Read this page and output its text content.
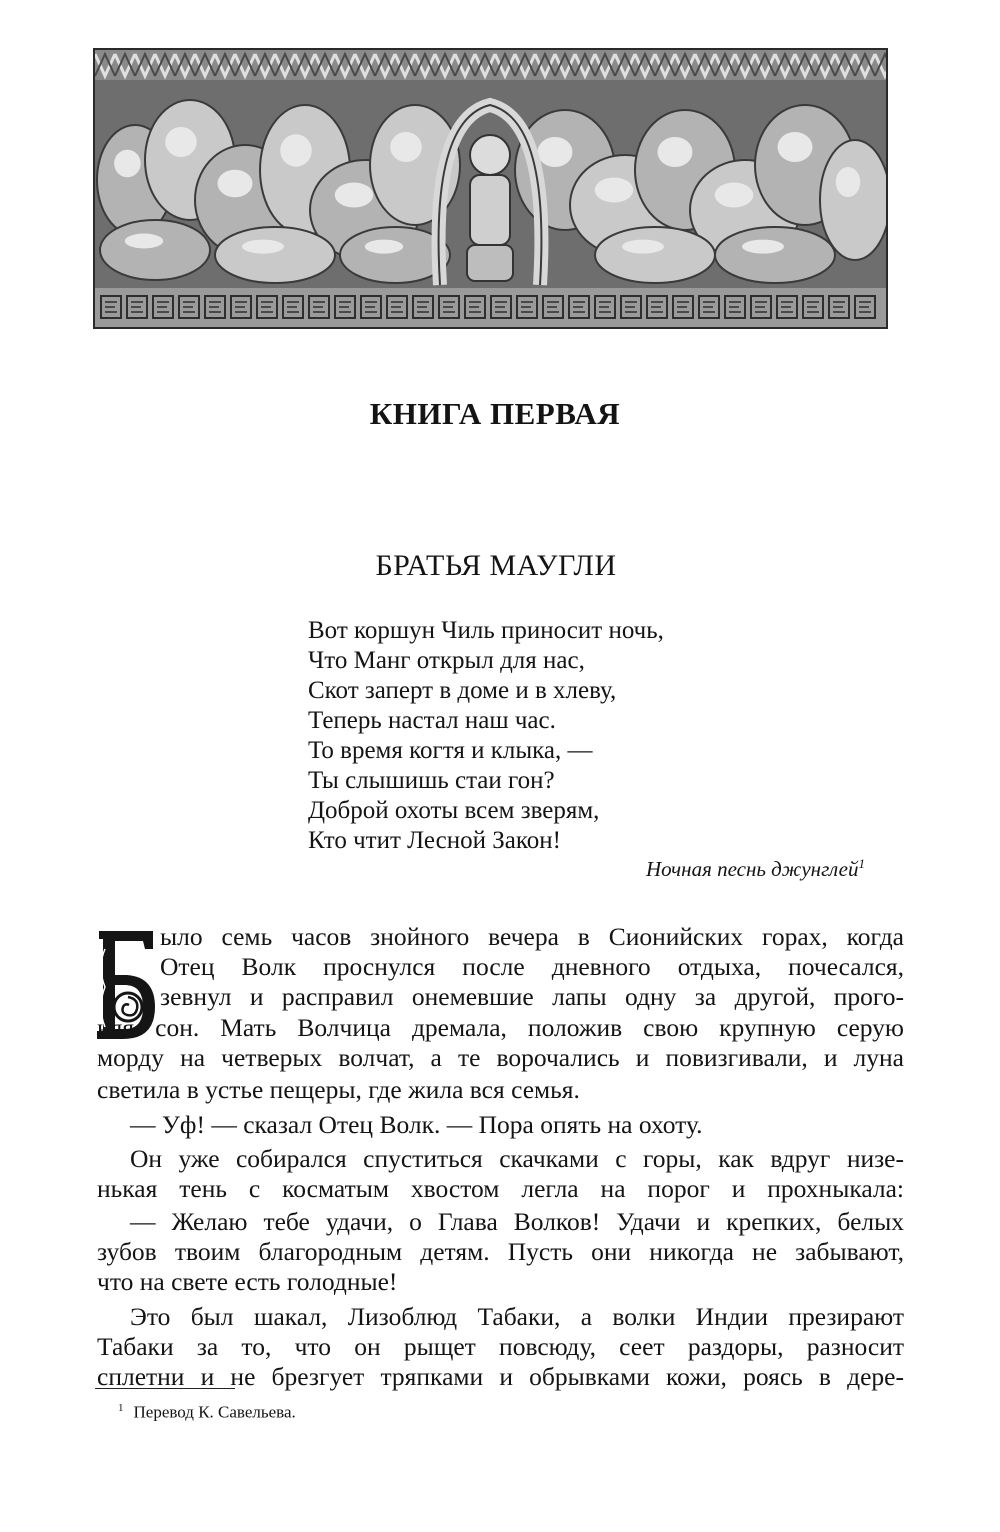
КНИГА ПЕРВАЯ
БРАТЬЯ МАУГЛИ
Вот коршун Чиль приносит ночь,
Что Манг открыл для нас,
Скот заперт в доме и в хлеву,
Теперь настал наш час.
То время когтя и клыка, —
Ты слышишь стаи гон?
Доброй охоты всем зверям,
Кто чтит Лесной Закон!
Ночная песнь джунглей$^1$
Б	ыло семь часов знойного вечера в Сионийских горах, когда
Отец Волк проснулся после дневного отдыха, почесался,
зевнул и расправил онемевшие лапы одну за другой, прого-
няя сон. Мать Волчица дремала, положив свою крупную серую
морду на четверых волчат, а те ворочались и повизгивали, и луна
светила в устье пещеры, где жила вся семья.
— Уф! — сказал Отец Волк. — Пора опять на охоту.
Он уже собирался спуститься скачками с горы, как вдруг низе-
нькая тень с косматым хвостом легла на порог и прохныкала:
— Желаю тебе удачи, о Глава Волков! Удачи и крепких, белых
зубов твоим благородным детям. Пусть они никогда не забывают,
что на свете есть голодные!
Это был шакал, Лизоблюд Табаки, а волки Индии презирают
Табаки за то, что он рыщет повсюду, сеет раздоры, разносит
сплетни и не брезгует тряпками и обрывками кожи, роясь в дере-
$^1$ Перевод К. Савельева.
